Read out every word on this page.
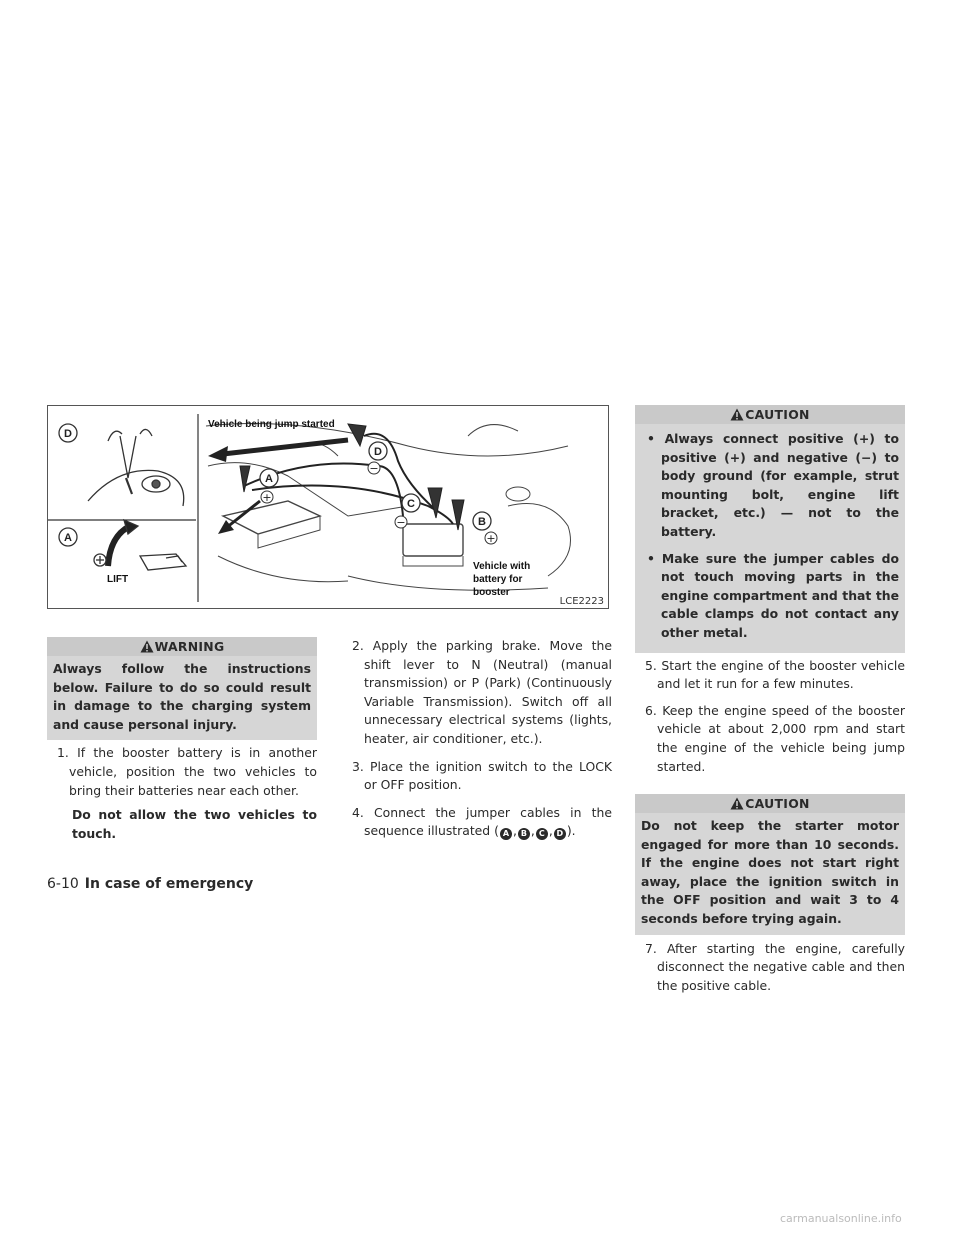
D
A
A
D
C
B
+
−
−
+
Vehicle being jump started
LIFT
Vehicle with
battery for
booster
LCE2223
WARNING
Always follow the instructions below. Failure to do so could result in damage to the charging system and cause personal injury.
1. If the booster battery is in another vehicle, position the two vehicles to bring their batteries near each other.
Do not allow the two vehicles to touch.
2. Apply the parking brake. Move the shift lever to N (Neutral) (manual transmission) or P (Park) (Continuously Variable Transmission). Switch off all unnecessary electrical systems (lights, heater, air conditioner, etc.).
3. Place the ignition switch to the LOCK or OFF position.
4. Connect the jumper cables in the sequence illustrated ( A , B , C , D ).
CAUTION
• Always connect positive (+) to positive (+) and negative (−) to body ground (for example, strut mounting bolt, engine lift bracket, etc.) — not to the battery.
• Make sure the jumper cables do not touch moving parts in the engine compartment and that the cable clamps do not contact any other metal.
5. Start the engine of the booster vehicle and let it run for a few minutes.
6. Keep the engine speed of the booster vehicle at about 2,000 rpm and start the engine of the vehicle being jump started.
CAUTION
Do not keep the starter motor engaged for more than 10 seconds. If the engine does not start right away, place the ignition switch in the OFF position and wait 3 to 4 seconds before trying again.
7. After starting the engine, carefully disconnect the negative cable and then the positive cable.
6-10 In case of emergency
carmanualsonline.info
